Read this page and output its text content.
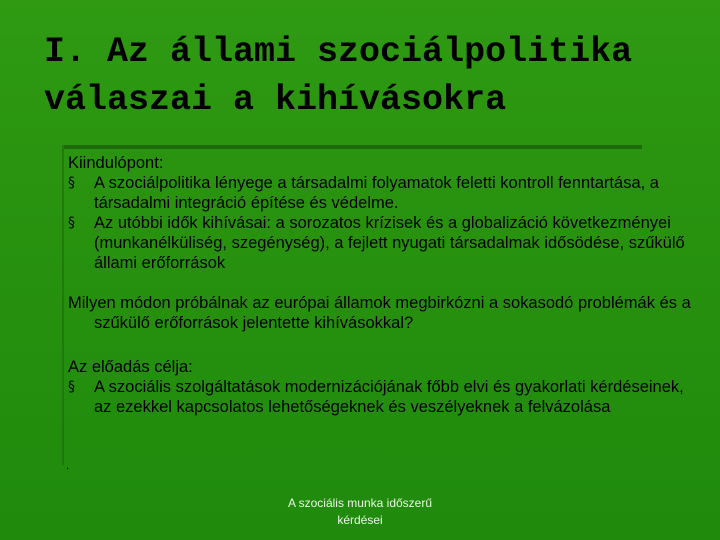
I. Az állami szociálpolitika
válaszai a kihívásokra

Kiindulópont:

§	A szociálpolitika lényege a társadalmi folyamatok feletti kontroll fenntartása, a társadalmi integráció építése és védelme.

§	Az utóbbi idők kihívásai: a sorozatos krízisek és a globalizáció következményei (munkanélküliség, szegénység), a fejlett nyugati társadalmak idősödése, szűkülő állami erőforrások

Milyen módon próbálnak az európai államok megbirkózni a sokasodó problémák és a szűkülő erőforrások jelentette kihívásokkal?

Az előadás célja:

§	A szociális szolgáltatások modernizációjának főbb elvi és gyakorlati kérdéseinek, az ezekkel kapcsolatos lehetőségeknek és veszélyeknek a felvázolása

.
A szociális munka időszerű
kérdései
